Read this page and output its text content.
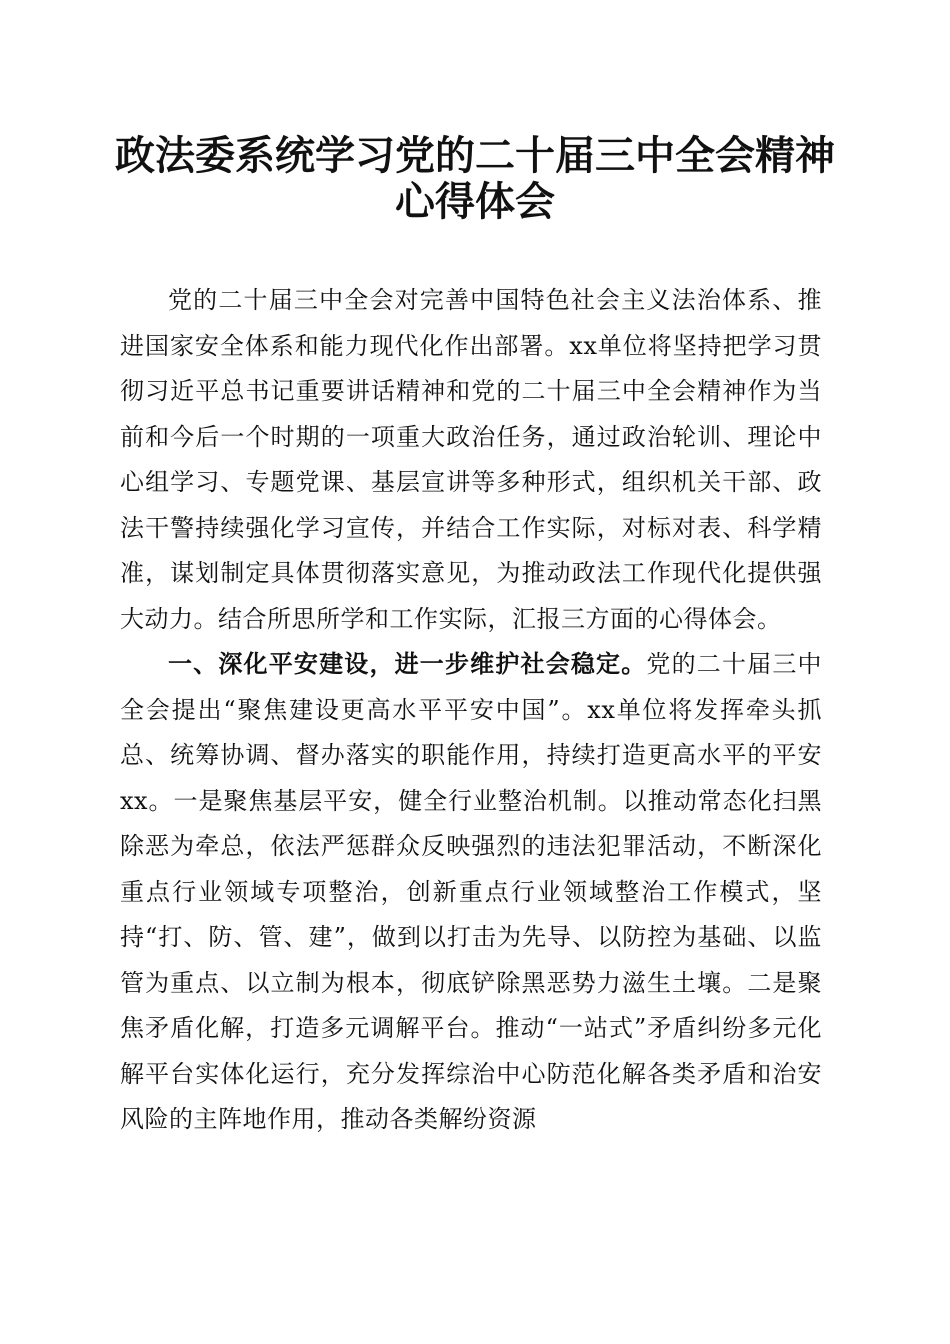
政法委系统学习党的二十届三中全会精神心得体会

党的二十届三中全会对完善中国特色社会主义法治体系、推进国家安全体系和能力现代化作出部署。xx单位将坚持把学习贯彻习近平总书记重要讲话精神和党的二十届三中全会精神作为当前和今后一个时期的一项重大政治任务，通过政治轮训、理论中心组学习、专题党课、基层宣讲等多种形式，组织机关干部、政法干警持续强化学习宣传，并结合工作实际，对标对表、科学精准，谋划制定具体贯彻落实意见，为推动政法工作现代化提供强大动力。结合所思所学和工作实际，汇报三方面的心得体会。

一、深化平安建设，进一步维护社会稳定。党的二十届三中全会提出“聚焦建设更高水平平安中国”。xx单位将发挥牵头抓总、统筹协调、督办落实的职能作用，持续打造更高水平的平安xx。一是聚焦基层平安，健全行业整治机制。以推动常态化扫黑除恶为牵总，依法严惩群众反映强烈的违法犯罪活动，不断深化重点行业领域专项整治，创新重点行业领域整治工作模式，坚持“打、防、管、建”，做到以打击为先导、以防控为基础、以监管为重点、以立制为根本，彻底铲除黑恶势力滋生土壤。二是聚焦矛盾化解，打造多元调解平台。推动“一站式”矛盾纠纷多元化解平台实体化运行，充分发挥综治中心防范化解各类矛盾和治安风险的主阵地作用，推动各类解纷资源
